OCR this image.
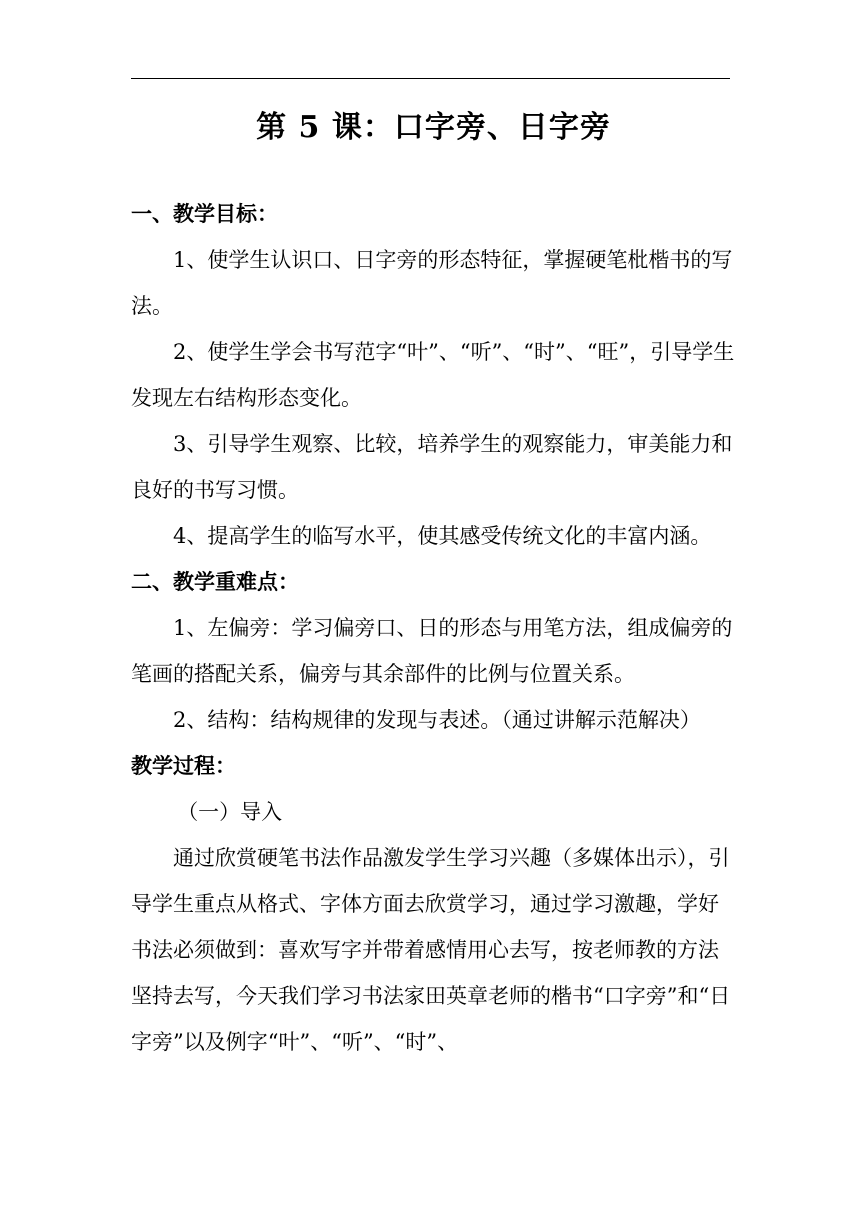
第 5 课：口字旁、日字旁
一、教学目标：

1、使学生认识口、日字旁的形态特征，掌握硬笔枇楷书的写法。

2、使学生学会书写范字“叶”、“听”、“时”、“旺”，引导学生发现左右结构形态变化。

3、引导学生观察、比较，培养学生的观察能力，审美能力和良好的书写习惯。

4、提高学生的临写水平，使其感受传统文化的丰富内涵。

二、教学重难点：

1、左偏旁：学习偏旁口、日的形态与用笔方法，组成偏旁的笔画的搭配关系，偏旁与其余部件的比例与位置关系。

2、结构：结构规律的发现与表述。（通过讲解示范解决）

教学过程：

（一）导入

通过欣赏硬笔书法作品激发学生学习兴趣（多媒体出示），引导学生重点从格式、字体方面去欣赏学习，通过学习激趣，学好书法必须做到：喜欢写字并带着感情用心去写，按老师教的方法坚持去写，今天我们学习书法家田英章老师的楷书“口字旁”和“日字旁”以及例字“叶”、“听”、“时”、
